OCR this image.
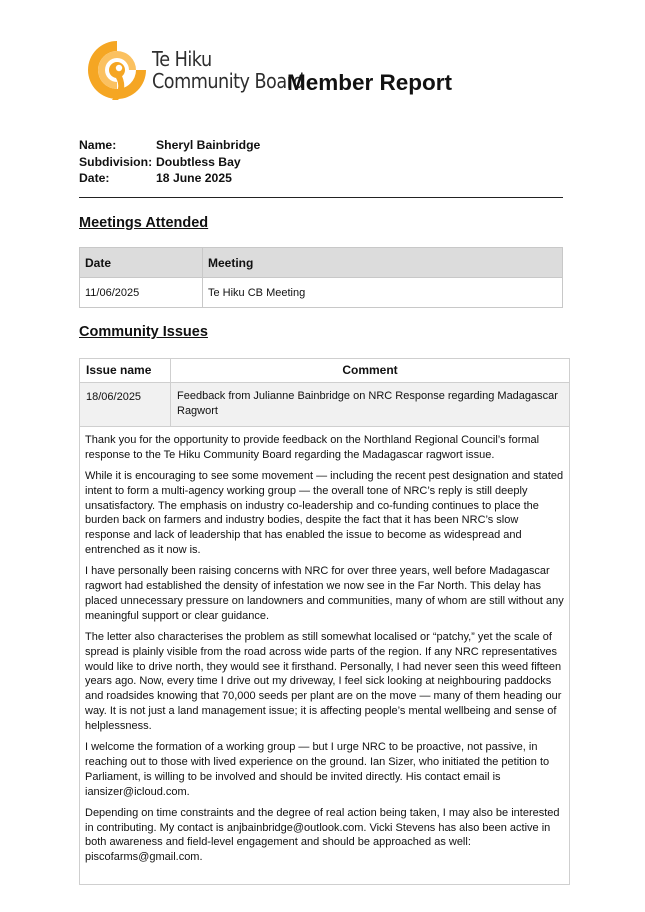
Te Hiku
Community Board
Member Report
Name:	Sheryl Bainbridge
Subdivision: Doubtless Bay
Date:	18 June 2025
Meetings Attended
Date	Meeting
11/06/2025	Te Hiku CB Meeting
Community Issues
Issue name	Comment
18/06/2025	Feedback from Julianne Bainbridge on NRC Response regarding Madagascar Ragwort

Thank you for the opportunity to provide feedback on the Northland Regional Council’s formal response to the Te Hiku Community Board regarding the Madagascar ragwort issue.

While it is encouraging to see some movement — including the recent pest designation and stated intent to form a multi-agency working group — the overall tone of NRC’s reply is still deeply unsatisfactory. The emphasis on industry co-leadership and co-funding continues to place the burden back on farmers and industry bodies, despite the fact that it has been NRC’s slow response and lack of leadership that has enabled the issue to become as widespread and entrenched as it now is.

I have personally been raising concerns with NRC for over three years, well before Madagascar ragwort had established the density of infestation we now see in the Far North. This delay has placed unnecessary pressure on landowners and communities, many of whom are still without any meaningful support or clear guidance.

The letter also characterises the problem as still somewhat localised or “patchy,” yet the scale of spread is plainly visible from the road across wide parts of the region. If any NRC representatives would like to drive north, they would see it firsthand. Personally, I had never seen this weed fifteen years ago. Now, every time I drive out my driveway, I feel sick looking at neighbouring paddocks and roadsides knowing that 70,000 seeds per plant are on the move — many of them heading our way. It is not just a land management issue; it is affecting people’s mental wellbeing and sense of helplessness.

I welcome the formation of a working group — but I urge NRC to be proactive, not passive, in reaching out to those with lived experience on the ground. Ian Sizer, who initiated the petition to Parliament, is willing to be involved and should be invited directly. His contact email is iansizer@icloud.com.

Depending on time constraints and the degree of real action being taken, I may also be interested in contributing. My contact is anjbainbridge@outlook.com. Vicki Stevens has also been active in both awareness and field-level engagement and should be approached as well: piscofarms@gmail.com.
